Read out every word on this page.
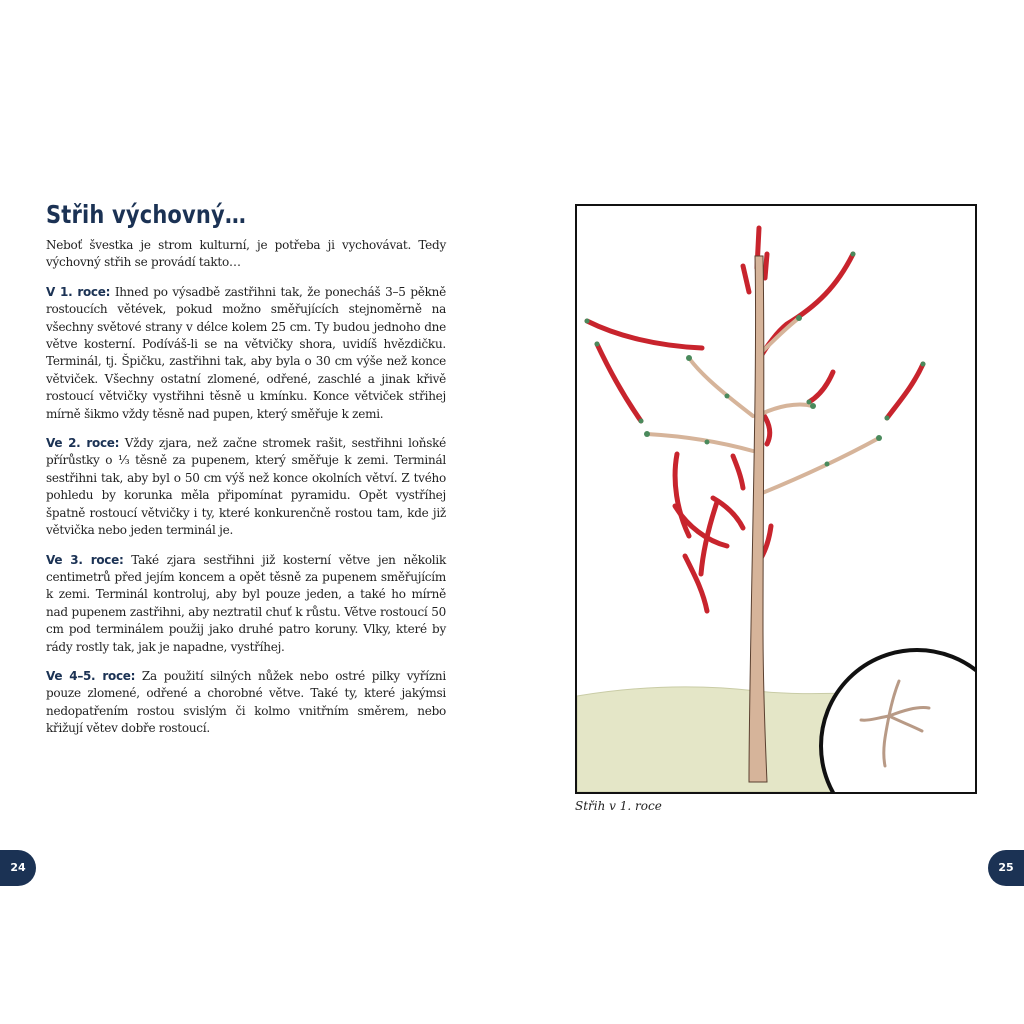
Střih výchovný…

Neboť švestka je strom kulturní, je potřeba ji vychovávat. Tedy výchovný střih se provádí takto…

V 1. roce: Ihned po výsadbě zastřihni tak, že ponecháš 3–5 pěkně rostoucích větévek, pokud možno směřujících stejnoměrně na všechny světové strany v délce kolem 25 cm. Ty budou jednoho dne větve kosterní. Podíváš-li se na větvičky shora, uvidíš hvězdičku. Terminál, tj. Špičku, zastřihni tak, aby byla o 30 cm výše než konce větviček. Všechny ostatní zlomené, odřené, zaschlé a jinak křivě rostoucí větvičky vystřihni těsně u kmínku. Konce větviček střihej mírně šikmo vždy těsně nad pupen, který směřuje k zemi.

Ve 2. roce: Vždy zjara, než začne stromek rašit, sestřihni loňské přírůstky o ⅓ těsně za pupenem, který směřuje k zemi. Terminál sestřihni tak, aby byl o 50 cm výš než konce okolních větví. Z tvého pohledu by korunka měla připomínat pyramidu. Opět vystříhej špatně rostoucí větvičky i ty, které konkurenčně rostou tam, kde již větvička nebo jeden terminál je.

Ve 3. roce: Také zjara sestřihni již kosterní větve jen několik centimetrů před jejím koncem a opět těsně za pupenem směřujícím k zemi. Terminál kontroluj, aby byl pouze jeden, a také ho mírně nad pupenem zastřihni, aby neztratil chuť k růstu. Větve rostoucí 50 cm pod terminálem použij jako druhé patro koruny. Vlky, které by rády rostly tak, jak je napadne, vystříhej.

Ve 4–5. roce: Za použití silných nůžek nebo ostré pilky vyřízni pouze zlomené, odřené a chorobné větve. Také ty, které jakýmsi nedopatřením rostou svislým či kolmo vnitřním směrem, nebo křižují větev dobře rostoucí.

Střih v 1. roce
24	25
